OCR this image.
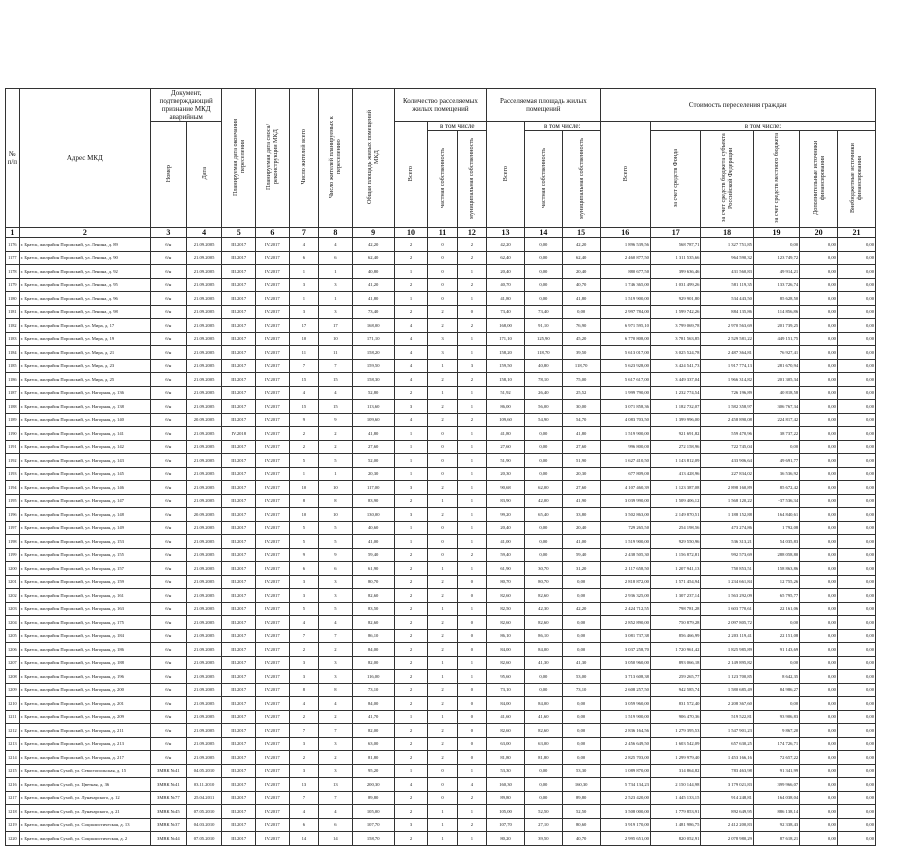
№ п/п	Адрес МКД	Документ, подтверждающий признание МКД аварийным		Планируемая дата окончания переселения	Планируемая дата сноса/реконструкции МКД	Число жителей всего	Число жителей планируемых к переселению	Общая площадь жилых помещений МКД	Количество расселяемых жилых помещений			Расселяемая площадь жилых помещений			Стоимость переселения граждан					
		Номер	Дата						Всего	в том числе		Всего	в том числе:		Всего	в том числе:				
										частная собственность	муниципальная собственность		частная собственность	муниципальная собственность		за счет средств Фонда	за счет средств бюджета субъекта Российской Федерации	за счет средств местного бюджета	Дополнительные источники финансирования	Внебюджетные источники финансирования
1	2	3	4	5	6	7	8	9	10	11	12	13	14	15	16	17	18	19	20	21
1176	г. Братск, жилрайон Порожский, ул. Ленина, д. 89	б/н	21.09.2005	III.2017	IV.2017	4	4	42,20	2	0	2	42,20	0,00	42,20	1 896 539,56	568 787,71	1 327 751,85	0,00	0,00	0,00
1177	г. Братск, жилрайон Порожский, ул. Ленина, д. 90	б/н	21.09.2005	III.2017	IV.2017	6	6	62,40	2	0	2	62,40	0,00	62,40	2 460 877,50	1 311 535,66	964 590,32	123 749,72	0,00	0,00
1178	г. Братск, жилрайон Порожский, ул. Ленина, д. 92	б/н	21.09.2005	III.2017	IV.2017	1	1	40,80	1	0	1	20,40	0,00	20,40	880 677,50	399 636,46	431 560,83	49 914,21	0,00	0,00
1179	г. Братск, жилрайон Порожский, ул. Ленина, д. 95	б/н	21.09.2005	III.2017	IV.2017	3	3	41,20	2	0	2	40,70	0,00	40,70	1 746 365,00	1 031 499,26	581 119,35	133 726,74	0,00	0,00
1180	г. Братск, жилрайон Порожский, ул. Ленина, д. 96	б/н	21.09.2005	III.2017	IV.2017	1	1	41,80	1	0	1	41,80	0,00	41,80	1 519 900,00	929 901,80	534 443,50	85 628,50	0,00	0,00
1181	г. Братск, жилрайон Порожский, ул. Ленина, д. 98	б/н	21.09.2005	III.2017	IV.2017	3	3	73,40	2	2	0	73,40	73,40	0,00	2 997 784,00	1 599 742,26	884 135,86	114 856,86	0,00	0,00
1182	г. Братск, жилрайон Порожский, ул. Мира, д. 17	б/н	21.09.2005	III.2017	IV.2017	17	17	168,00	4	2	2	168,00	91,10	76,90	6 971 595,10	3 799 069,78	2 970 563,69	201 739,25	0,00	0,00
1183	г. Братск, жилрайон Порожский, ул. Мира, д. 19	б/н	21.09.2005	III.2017	IV.2017	10	10	171,10	4	3	1	171,10	125,90	45,20	6 770 808,00	3 781 563,85	2 529 581,22	449 151,75	0,00	0,00
1184	г. Братск, жилрайон Порожский, ул. Мира, д. 21	б/н	21.09.2005	III.2017	IV.2017	11	11	158,20	4	3	1	158,20	118,70	39,50	5 613 017,00	3 025 524,78	2 487 364,81	76 927,41	0,00	0,00
1185	г. Братск, жилрайон Порожский, ул. Мира, д. 23	б/н	21.09.2005	III.2017	IV.2017	7	7	159,50	4	1	3	159,50	40,80	118,70	5 623 928,00	3 424 541,73	1 917 774,13	281 670,94	0,00	0,00
1186	г. Братск, жилрайон Порожский, ул. Мира, д. 25	б/н	21.09.2005	III.2017	IV.2017	15	15	158,30	4	2	2	158,10	78,10	75,00	5 617 617,00	3 449 337,04	1 966 314,82	201 305,34	0,00	0,00
1187	г. Братск, жилрайон Порожский, ул. Нагорная, д. 136	б/н	21.09.2005	III.2017	IV.2017	4	4	52,80	2	1	1	51,92	26,40	25,52	1 999 790,00	1 232 774,54	726 196,89	40 818,58	0,00	0,00
1188	г. Братск, жилрайон Порожский, ул. Нагорная, д. 138	б/н	21.09.2005	III.2017	IV.2017	15	15	113,60	3	2	1	86,00	56,00	30,00	3 071 858,36	1 182 732,07	1 582 358,97	306 767,34	0,00	0,00
1189	г. Братск, жилрайон Порожский, ул. Нагорная, д. 140	б/н	20.09.2005	III.2017	IV.2017	9	9	109,60	4	2	2	109,60	54,90	54,70	4 083 703,50	1 399 996,00	2 458 890,08	224 817,42	0,00	0,00
1190	г. Братск, жилрайон Порожский, ул. Нагорная, д. 141	б/н	21.09.2005	IV.2018	IV.2017	2	2	41,80	1	0	1	41,80	0,00	41,80	1 519 900,00	921 691,82	559 470,96	38 737,22	0,00	0,00
1191	г. Братск, жилрайон Порожский, ул. Нагорная, д. 142	б/н	21.09.2005	III.2017	IV.2017	2	2	27,60	1	0	1	27,60	0,00	27,60	996 800,00	272 158,96	722 745,04	0,00	0,00	0,00
1192	г. Братск, жилрайон Порожский, ул. Нагорная, д. 143	б/н	21.09.2005	III.2017	IV.2017	5	5	52,00	1	0	1	51,90	0,00	51,90	1 627 410,50	1 143 812,09	433 906,64	49 691,77	0,00	0,00
1193	г. Братск, жилрайон Порожский, ул. Нагорная, д. 145	б/н	21.09.2005	III.2017	IV.2017	1	1	20,30	1	0	1	20,30	0,00	20,30	677 809,00	413 428,96	227 834,02	36 536,92	0,00	0,00
1194	г. Братск, жилрайон Порожский, ул. Нагорная, д. 146	б/н	21.09.2005	III.2017	IV.2017	10	10	117,00	3	2	1	90,68	62,00	27,60	4 107 460,39	1 123 387,08	2 898 160,89	85 672,42	0,00	0,00
1195	г. Братск, жилрайон Порожский, ул. Нагорная, д. 147	б/н	21.09.2005	III.2017	IV.2017	8	8	83,90	2	1	1	83,90	42,00	41,90	3 039 990,00	1 509 406,12	1 568 120,22	-37 536,34	0,00	0,00
1196	г. Братск, жилрайон Порожский, ул. Нагорная, д. 148	б/н	20.09.2005	III.2017	IV.2017	10	10	130,00	3	2	1	99,20	65,40	33,80	3 502 863,00	2 149 870,51	1 188 152,88	164 840,61	0,00	0,00
1197	г. Братск, жилрайон Порожский, ул. Нагорная, д. 149	б/н	21.09.2005	III.2017	IV.2017	5	5	40,60	1	0	1	20,40	0,00	20,40	729 265,50	254 198,56	473 274,86	1 792,08	0,00	0,00
1198	г. Братск, жилрайон Порожский, ул. Нагорная, д. 153	б/н	21.09.2005	III.2017	IV.2017	5	5	41,00	1	0	1	41,00	0,00	41,00	1 519 900,00	929 550,96	536 313,21	54 035,83	0,00	0,00
1199	г. Братск, жилрайон Порожский, ул. Нагорная, д. 155	б/н	21.09.2005	III.2017	IV.2017	9	9	59,40	2	0	2	59,40	0,00	59,40	2 438 505,30	1 156 872,81	992 573,69	288 058,80	0,00	0,00
1200	г. Братск, жилрайон Порожский, ул. Нагорная, д. 157	б/н	21.09.2005	III.2017	IV.2017	6	6	61,90	2	1	1	61,90	30,70	31,20	2 117 658,50	1 207 941,13	750 853,51	158 863,86	0,00	0,00
1201	г. Братск, жилрайон Порожский, ул. Нагорная, д. 159	б/н	21.09.2005	III.2017	IV.2017	3	3	80,70	2	2	0	80,70	80,70	0,00	2 818 872,00	1 571 454,94	1 234 661,84	12 755,26	0,00	0,00
1202	г. Братск, жилрайон Порожский, ул. Нагорная, д. 161	б/н	21.09.2005	III.2017	IV.2017	3	3	82,60	2	2	0	82,60	82,60	0,00	2 936 325,00	1 307 237,14	1 563 292,09	65 795,77	0,00	0,00
1203	г. Братск, жилрайон Порожский, ул. Нагорная, д. 163	б/н	21.09.2005	III.2017	IV.2017	5	5	83,50	2	1	1	82,50	42,30	42,20	2 424 712,55	798 781,28	1 603 770,61	22 161,06	0,00	0,00
1204	г. Братск, жилрайон Порожский, ул. Нагорная, д. 175	б/н	21.09.2005	III.2017	IV.2017	4	4	82,60	2	2	0	82,60	82,60	0,00	2 852 890,00	750 879,28	2 097 805,72	0,00	0,00	0,00
1205	г. Братск, жилрайон Порожский, ул. Нагорная, д. 184	б/н	21.09.2005	III.2017	IV.2017	7	7	86,10	2	2	0	86,10	86,10	0,00	3 081 737,38	856 466,99	2 203 119,41	22 151,08	0,00	0,00
1206	г. Братск, жилрайон Порожский, ул. Нагорная, д. 186	б/н	21.09.2005	III.2017	IV.2017	2	2	84,00	2	2	0	84,00	84,00	0,00	3 037 258,70	1 720 961,42	1 825 985,89	91 143,69	0,00	0,00
1207	г. Братск, жилрайон Порожский, ул. Нагорная, д. 188	б/н	21.09.2005	III.2017	IV.2017	3	3	82,00	2	1	1	82,60	41,30	41,30	3 050 960,00	893 066,18	2 149 895,82	0,00	0,00	0,00
1208	г. Братск, жилрайон Порожский, ул. Нагорная, д. 196	б/н	21.09.2005	III.2017	IV.2017	3	3	116,00	2	1	1	95,60	0,00	53,00	3 713 608,38	259 265,77	1 123 700,85	8 642,35	0,00	0,00
1209	г. Братск, жилрайон Порожский, ул. Нагорная, д. 200	б/н	21.09.2005	III.2017	IV.2017	8	8	73,10	2	2	0	73,10	0,00	73,10	2 608 257,50	942 585,74	1 580 685,49	84 986,27	0,00	0,00
1210	г. Братск, жилрайон Порожский, ул. Нагорная, д. 201	б/н	21.09.2005	III.2017	IV.2017	4	4	84,00	2	2	0	84,00	84,00	0,00	3 059 960,00	831 572,40	2 208 367,60	0,00	0,00	0,00
1211	г. Братск, жилрайон Порожский, ул. Нагорная, д. 209	б/н	21.09.2005	III.2017	IV.2017	2	2	41,70	1	1	0	41,60	41,60	0,00	1 519 900,00	906 470,36	519 522,81	93 906,83	0,00	0,00
1212	г. Братск, жилрайон Порожский, ул. Нагорная, д. 211	б/н	21.09.2005	III.2017	IV.2017	7	7	82,00	2	2	0	82,60	82,60	0,00	2 836 164,56	1 279 395,53	1 547 901,23	9 867,20	0,00	0,00
1213	г. Братск, жилрайон Порожский, ул. Нагорная, д. 213	б/н	21.09.2005	III.2017	IV.2017	3	3	63,00	2	2	0	63,00	63,00	0,00	2 456 649,50	1 603 542,09	657 630,25	174 726,71	0,00	0,00
1214	г. Братск, жилрайон Порожский, ул. Нагорная, д. 217	б/н	21.09.2005	III.2017	IV.2017	2	2	81,80	2	2	0	81,80	81,80	0,00	2 825 703,00	1 299 979,40	1 453 166,16	72 657,22	0,00	0,00
1215	г. Братск, жилрайон Сухой, ул. Севастопольская, д. 15	ЗМВК №41	04.05.2010	III.2017	IV.2017	3	3	95,20	1	0	1	53,30	0,00	53,30	1 089 870,00	314 864,82	783 463,98	91 341,99	0,00	0,00
1216	г. Братск, жилрайон Сухой, ул. Цветная, д. 36	ЗМВК №41	03.11.2010	III.2017	IV.2017	13	13	200,30	4	0	4	160,30	0,00	160,30	5 734 134,23	2 150 144,98	3 179 021,83	399 966,07	0,00	0,00
1217	г. Братск, жилрайон Сухой, ул. Луначарского, д. 12	ЗМВК №77	25.04.2011	III.2017	IV.2017	7	7	89,80	2	0	2	89,80	0,00	89,80	2 523 420,00	1 445 133,15	914 248,81	164 038,04	0,00	0,00
1218	г. Братск, жилрайон Сухой, ул. Луначарского, д. 21	ЗМВК №45	07.05.2010	III.2017	IV.2017	4	4	105,00	2	1	1	105,00	52,50	52,50	3 508 000,00	1 779 853,91	892 649,95	886 138,14	0,00	0,00
1219	г. Братск, жилрайон Сухой, ул. Социалистическая, д. 13	ЗМВК №37	04.03.2010	III.2017	IV.2017	6	6	107,70	3	1	2	107,70	27,10	80,60	3 919 170,00	1 481 986,75	2 412 200,83	92 338,43	0,00	0,00
1220	г. Братск, жилрайон Сухой, ул. Социалистическая, д. 2	ЗМВК №44	07.05.2010	III.2017	IV.2017	14	14	158,70	2	1	1	80,20	39,50	40,70	2 995 651,00	820 052,91	2 078 980,29	87 618,21	0,00	0,00
